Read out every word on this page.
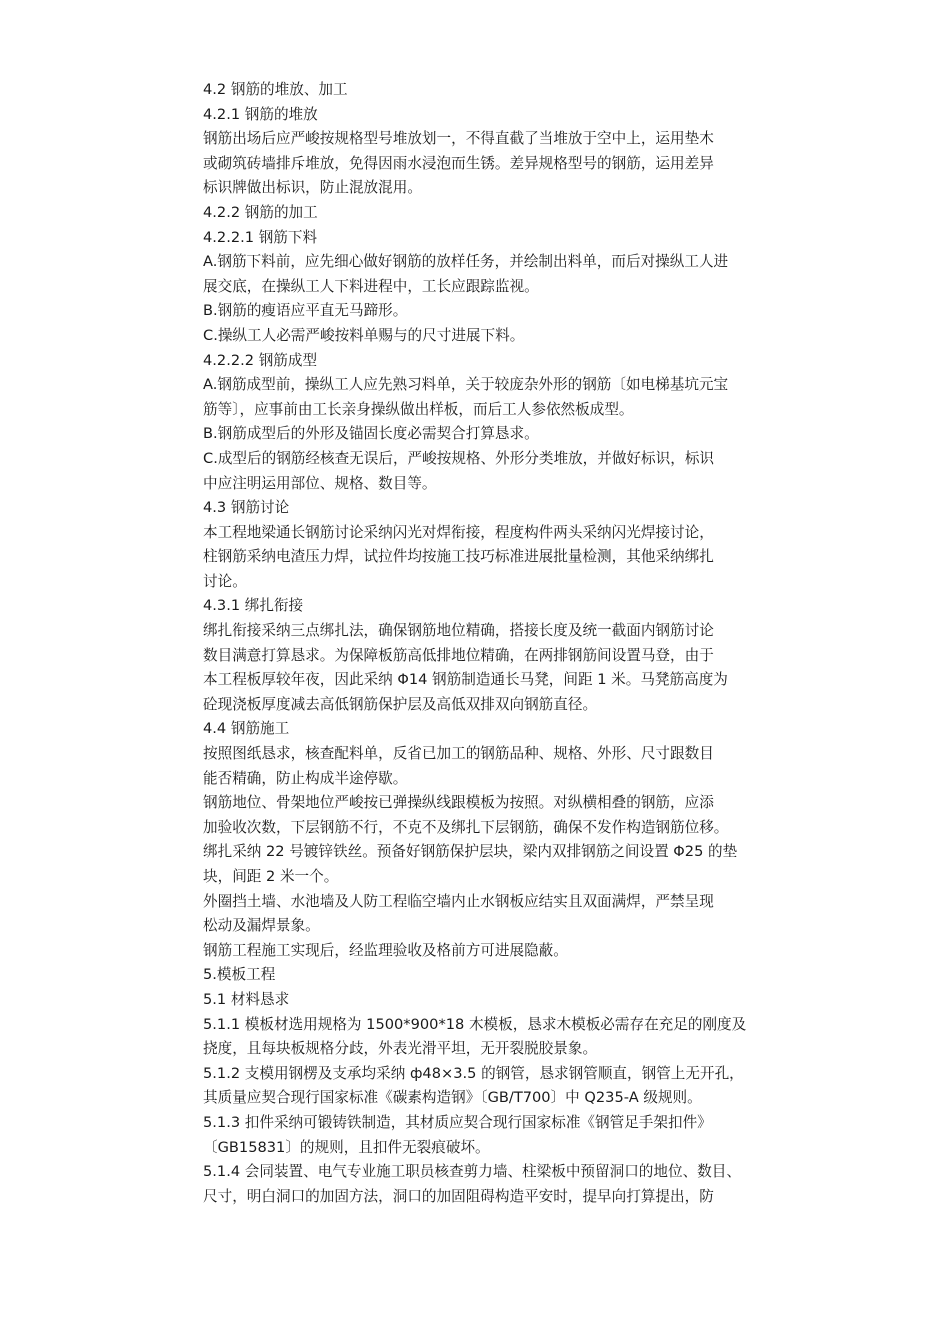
4.2 钢筋的堆放、加工
4.2.1 钢筋的堆放
钢筋出场后应严峻按规格型号堆放划一，不得直截了当堆放于空中上，运用垫木
或砌筑砖墙排斥堆放，免得因雨水浸泡而生锈。差异规格型号的钢筋，运用差异
标识牌做出标识，防止混放混用。
4.2.2 钢筋的加工
4.2.2.1 钢筋下料
A.钢筋下料前，应先细心做好钢筋的放样任务，并绘制出料单，而后对操纵工人进
展交底，在操纵工人下料进程中，工长应跟踪监视。
B.钢筋的瘦语应平直无马蹄形。
C.操纵工人必需严峻按料单赐与的尺寸进展下料。
4.2.2.2 钢筋成型
A.钢筋成型前，操纵工人应先熟习料单，关于较庞杂外形的钢筋〔如电梯基坑元宝
筋等〕，应事前由工长亲身操纵做出样板，而后工人参依然板成型。
B.钢筋成型后的外形及锚固长度必需契合打算恳求。
C.成型后的钢筋经核查无误后，严峻按规格、外形分类堆放，并做好标识，标识
中应注明运用部位、规格、数目等。
4.3 钢筋讨论
本工程地梁通长钢筋讨论采纳闪光对焊衔接，程度构件两头采纳闪光焊接讨论，
柱钢筋采纳电渣压力焊，试拉件均按施工技巧标准进展批量检测，其他采纳绑扎
讨论。
4.3.1 绑扎衔接
绑扎衔接采纳三点绑扎法，确保钢筋地位精确，搭接长度及统一截面内钢筋讨论
数目满意打算恳求。为保障板筋高低排地位精确，在两排钢筋间设置马登，由于
本工程板厚较年夜，因此采纳 Φ14 钢筋制造通长马凳，间距 1 米。马凳筋高度为
砼现浇板厚度减去高低钢筋保护层及高低双排双向钢筋直径。
4.4 钢筋施工
按照图纸恳求，核查配料单，反省已加工的钢筋品种、规格、外形、尺寸跟数目
能否精确，防止构成半途停歇。
钢筋地位、骨架地位严峻按已弹操纵线跟模板为按照。对纵横相叠的钢筋，应添
加验收次数，下层钢筋不行，不克不及绑扎下层钢筋，确保不发作构造钢筋位移。
绑扎采纳 22 号镀锌铁丝。预备好钢筋保护层块，梁内双排钢筋之间设置 Φ25 的垫
块，间距 2 米一个。
外圈挡土墙、水池墙及人防工程临空墙内止水钢板应结实且双面满焊，严禁呈现
松动及漏焊景象。
钢筋工程施工实现后，经监理验收及格前方可进展隐蔽。
5.模板工程
5.1 材料恳求
5.1.1 模板材选用规格为 1500*900*18 木模板，恳求木模板必需存在充足的刚度及
挠度，且每块板规格分歧，外表光滑平坦，无开裂脱胶景象。
5.1.2 支模用钢楞及支承均采纳 ф48×3.5 的钢管，恳求钢管顺直，钢管上无开孔，
其质量应契合现行国家标准《碳素构造钢》〔GB/T700〕中 Q235-A 级规则。
5.1.3 扣件采纳可锻铸铁制造，其材质应契合现行国家标准《钢管足手架扣件》
〔GB15831〕的规则，且扣件无裂痕破坏。
5.1.4 会同装置、电气专业施工职员核查剪力墙、柱梁板中预留洞口的地位、数目、
尺寸，明白洞口的加固方法，洞口的加固阻碍构造平安时，提早向打算提出，防
